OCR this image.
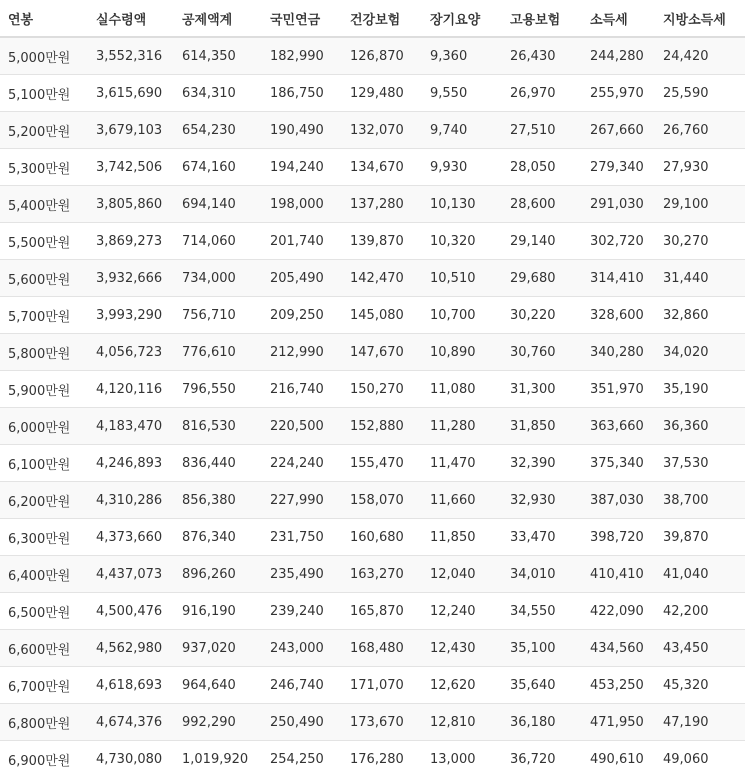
연봉	실수령액	공제액계	국민연금	건강보험	장기요양	고용보험	소득세	지방소득세
5,000만원	3,552,316	614,350	182,990	126,870	9,360	26,430	244,280	24,420
5,100만원	3,615,690	634,310	186,750	129,480	9,550	26,970	255,970	25,590
5,200만원	3,679,103	654,230	190,490	132,070	9,740	27,510	267,660	26,760
5,300만원	3,742,506	674,160	194,240	134,670	9,930	28,050	279,340	27,930
5,400만원	3,805,860	694,140	198,000	137,280	10,130	28,600	291,030	29,100
5,500만원	3,869,273	714,060	201,740	139,870	10,320	29,140	302,720	30,270
5,600만원	3,932,666	734,000	205,490	142,470	10,510	29,680	314,410	31,440
5,700만원	3,993,290	756,710	209,250	145,080	10,700	30,220	328,600	32,860
5,800만원	4,056,723	776,610	212,990	147,670	10,890	30,760	340,280	34,020
5,900만원	4,120,116	796,550	216,740	150,270	11,080	31,300	351,970	35,190
6,000만원	4,183,470	816,530	220,500	152,880	11,280	31,850	363,660	36,360
6,100만원	4,246,893	836,440	224,240	155,470	11,470	32,390	375,340	37,530
6,200만원	4,310,286	856,380	227,990	158,070	11,660	32,930	387,030	38,700
6,300만원	4,373,660	876,340	231,750	160,680	11,850	33,470	398,720	39,870
6,400만원	4,437,073	896,260	235,490	163,270	12,040	34,010	410,410	41,040
6,500만원	4,500,476	916,190	239,240	165,870	12,240	34,550	422,090	42,200
6,600만원	4,562,980	937,020	243,000	168,480	12,430	35,100	434,560	43,450
6,700만원	4,618,693	964,640	246,740	171,070	12,620	35,640	453,250	45,320
6,800만원	4,674,376	992,290	250,490	173,670	12,810	36,180	471,950	47,190
6,900만원	4,730,080	1,019,920	254,250	176,280	13,000	36,720	490,610	49,060
